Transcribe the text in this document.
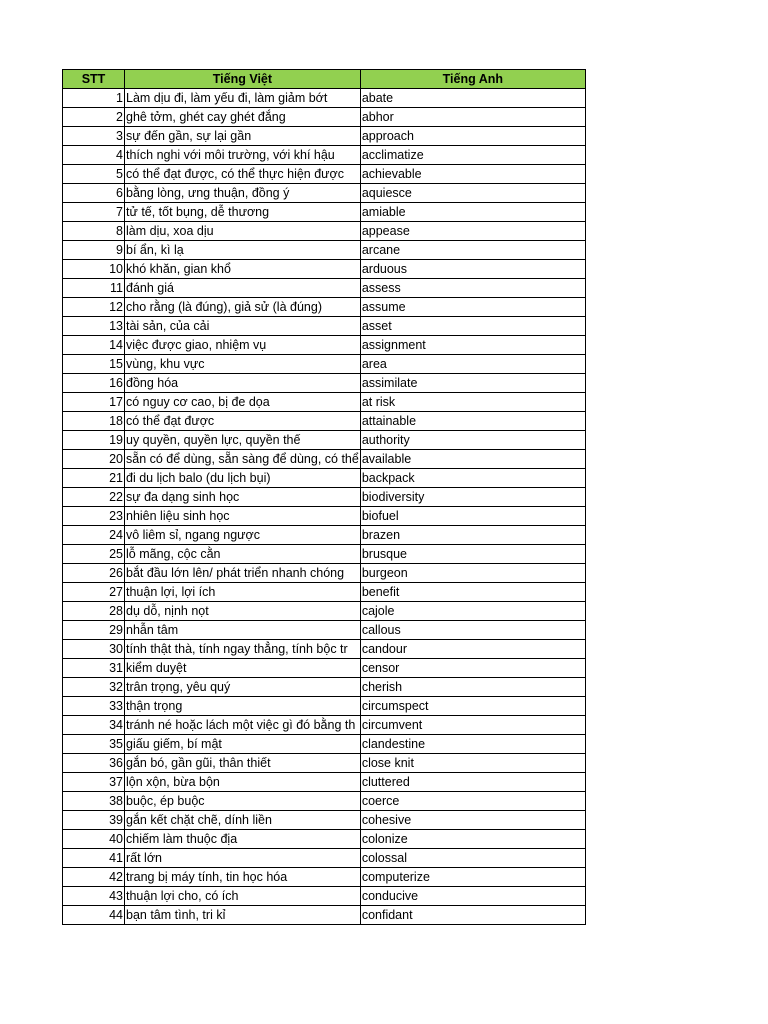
STT	Tiếng Việt	Tiếng Anh
1	Làm dịu đi, làm yếu đi, làm giảm bớt	abate
2	ghê tởm, ghét cay ghét đắng	abhor
3	sự đến gần, sự lại gần	approach
4	thích nghi với môi trường, với khí hậu	acclimatize
5	có thể đạt được, có thể thực hiện được	achievable
6	bằng lòng, ưng thuận, đồng ý	aquiesce
7	tử tế, tốt bụng, dễ thương	amiable
8	làm dịu, xoa dịu	appease
9	bí ẩn, kì lạ	arcane
10	khó khăn, gian khổ	arduous
11	đánh giá	assess
12	cho rằng (là đúng), giả sử (là đúng)	assume
13	tài sản, của cải	asset
14	việc được giao, nhiệm vụ	assignment
15	vùng, khu vực	area
16	đồng hóa	assimilate
17	có nguy cơ cao, bị đe dọa	at risk
18	có thể đạt được	attainable
19	uy quyền, quyền lực, quyền thế	authority
20	sẵn có để dùng, sẵn sàng để dùng, có thể	available
21	đi du lịch balo (du lịch bụi)	backpack
22	sự đa dạng sinh học	biodiversity
23	nhiên liệu sinh học	biofuel
24	vô liêm sỉ, ngang ngược	brazen
25	lỗ mãng, cộc cằn	brusque
26	bắt đầu lớn lên/ phát triển nhanh chóng	burgeon
27	thuận lợi, lợi ích	benefit
28	dụ dỗ, nịnh nọt	cajole
29	nhẫn tâm	callous
30	tính thật thà, tính ngay thẳng, tính bộc tr	candour
31	kiểm duyệt	censor
32	trân trọng, yêu quý	cherish
33	thận trọng	circumspect
34	tránh né hoặc lách một việc gì đó bằng th	circumvent
35	giấu giếm, bí mật	clandestine
36	gắn bó, gần gũi, thân thiết	close knit
37	lộn xộn, bừa bộn	cluttered
38	buộc, ép buộc	coerce
39	gắn kết chặt chẽ, dính liền	cohesive
40	chiếm làm thuộc địa	colonize
41	rất lớn	colossal
42	trang bị máy tính, tin học hóa	computerize
43	thuận lợi cho, có ích	conducive
44	bạn tâm tình, tri kỉ	confidant
